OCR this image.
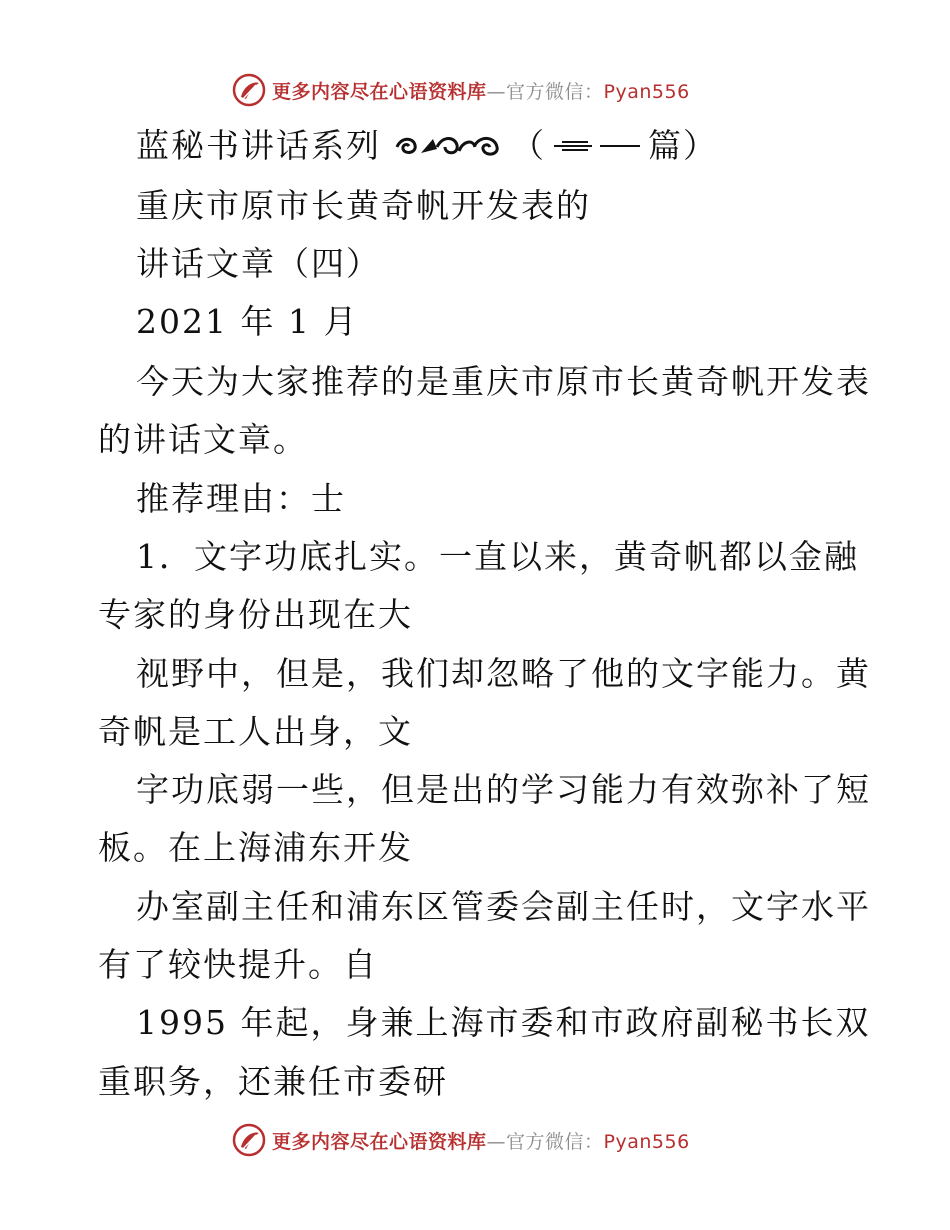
更多内容尽在心语资料库—官方微信：Pyan556
蓝秘书讲话系列	（	篇）
重庆市原市长黄奇帆开发表的
讲话文章（四）
2021 年 1 月
今天为大家推荐的是重庆市原市长黄奇帆开发表
的讲话文章。
推荐理由：士
1．文字功底扎实。一直以来，黄奇帆都以金融
专家的身份出现在大
视野中，但是，我们却忽略了他的文字能力。黄
奇帆是工人出身，文
字功底弱一些，但是出的学习能力有效弥补了短
板。在上海浦东开发
办室副主任和浦东区管委会副主任时，文字水平
有了较快提升。自
1995 年起，身兼上海市委和市政府副秘书长双
重职务，还兼任市委研
更多内容尽在心语资料库—官方微信：Pyan556
